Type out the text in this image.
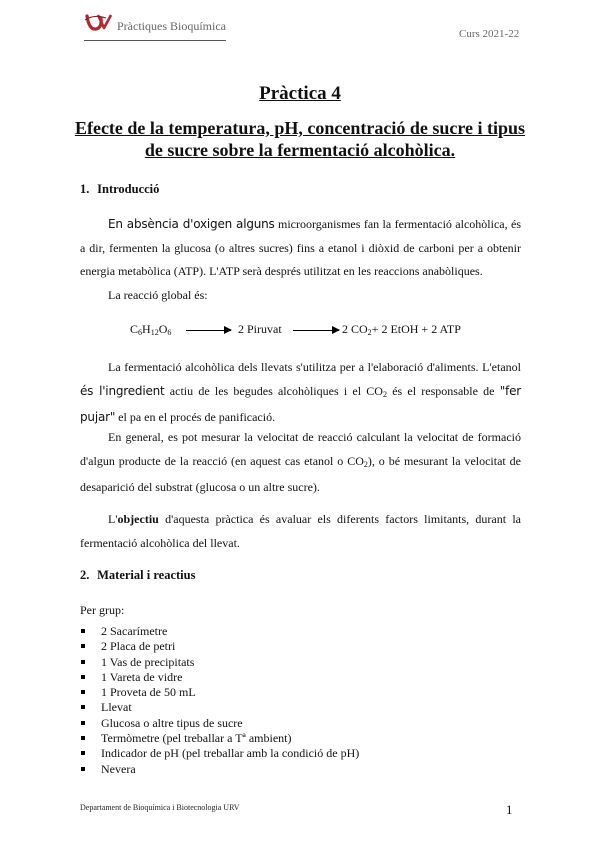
Pràctiques Bioquímica
Curs 2021-22
Pràctica 4
Efecte de la temperatura, pH, concentració de sucre i tipus de sucre sobre la fermentació alcohòlica.
1. Introducció
En absència d'oxigen alguns microorganismes fan la fermentació alcohòlica, és a dir, fermenten la glucosa (o altres sucres) fins a etanol i diòxid de carboni per a obtenir energia metabòlica (ATP). L'ATP serà després utilitzat en les reaccions anabòliques.
La reacció global és:
$C_6H_{12}O_6 \to 2$ Piruvat → 2 $CO_2+ 2$ EtOH + 2 ATP
La fermentació alcohòlica dels llevats s'utilitza per a l'elaboració d'aliments. L'etanol és l'ingredient actiu de les begudes alcohòliques i el $CO_2$ és el responsable de "fer pujar" el pa en el procés de panificació.
En general, es pot mesurar la velocitat de reacció calculant la velocitat de formació d'algun producte de la reacció (en aquest cas etanol o $CO_2$), o bé mesurant la velocitat de desaparició del substrat (glucosa o un altre sucre).
L'objectiu d'aquesta pràctica és avaluar els diferents factors limitants, durant la fermentació alcohòlica del llevat.
2. Material i reactius
Per grup:
2 Sacarímetre
2 Placa de petri
1 Vas de precipitats
1 Vareta de vidre
1 Proveta de 50 mL
Llevat
Glucosa o altre tipus de sucre
Termòmetre (pel treballar a Tª ambient)
Indicador de pH (pel treballar amb la condició de pH)
Nevera
Departament de Bioquímica i Biotecnologia URV	1
